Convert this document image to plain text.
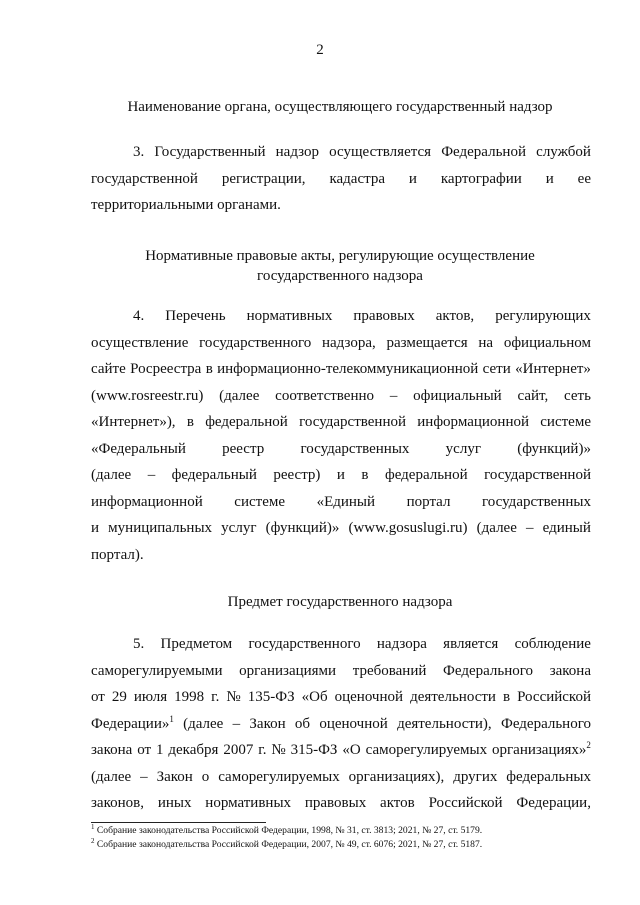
2
Наименование органа, осуществляющего государственный надзор
3. Государственный надзор осуществляется Федеральной службой
государственной регистрации, кадастра и картографии и ее
территориальными органами.
Нормативные правовые акты, регулирующие осуществление
государственного надзора
4. Перечень нормативных правовых актов, регулирующих
осуществление государственного надзора, размещается на официальном
сайте Росреестра в информационно-телекоммуникационной сети «Интернет»
(www.rosreestr.ru) (далее соответственно – официальный сайт, сеть
«Интернет»), в федеральной государственной информационной системе
«Федеральный реестр государственных услуг (функций)»
(далее – федеральный реестр) и в федеральной государственной
информационной системе «Единый портал государственных
и муниципальных услуг (функций)» (www.gosuslugi.ru) (далее – единый
портал).
Предмет государственного надзора
5. Предметом государственного надзора является соблюдение
саморегулируемыми организациями требований Федерального закона
от 29 июля 1998 г. № 135-ФЗ «Об оценочной деятельности в Российской
Федерации»$^1$ (далее – Закон об оценочной деятельности), Федерального
закона от 1 декабря 2007 г. № 315-ФЗ «О саморегулируемых организациях»$^2$
(далее – Закон о саморегулируемых организациях), других федеральных
законов, иных нормативных правовых актов Российской Федерации,
$^1$ Собрание законодательства Российской Федерации, 1998, № 31, ст. 3813; 2021, № 27, ст. 5179.
$^2$ Собрание законодательства Российской Федерации, 2007, № 49, ст. 6076; 2021, № 27, ст. 5187.
